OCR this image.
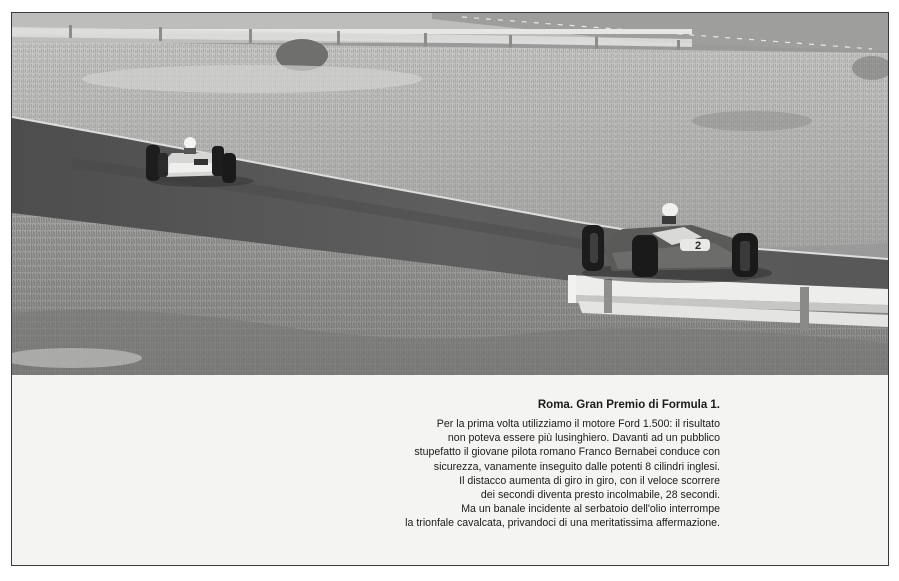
2
Roma. Gran Premio di Formula 1.
Per la prima volta utilizziamo il motore Ford 1.500: il risultato
non poteva essere più lusinghiero. Davanti ad un pubblico
stupefatto il giovane pilota romano Franco Bernabei conduce con
sicurezza, vanamente inseguito dalle potenti 8 cilindri inglesi.
Il distacco aumenta di giro in giro, con il veloce scorrere
dei secondi diventa presto incolmabile, 28 secondi.
Ma un banale incidente al serbatoio dell'olio interrompe
la trionfale cavalcata, privandoci di una meritatissima affermazione.
